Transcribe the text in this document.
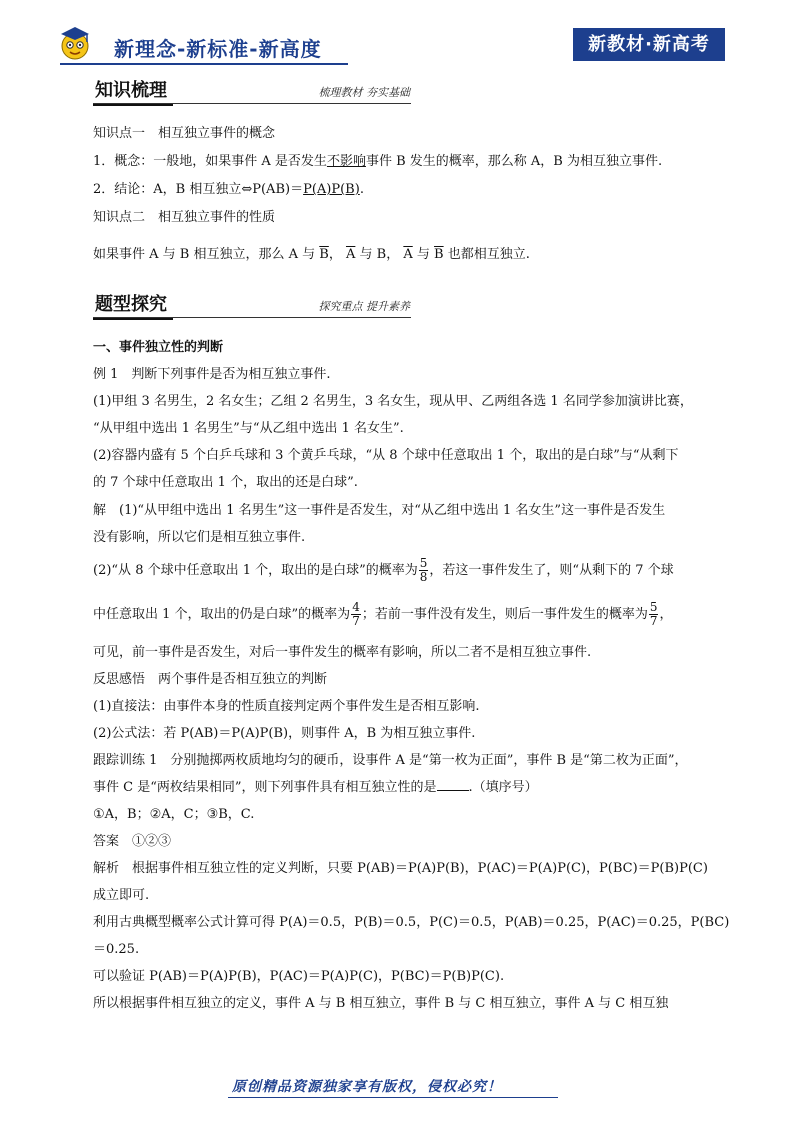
新理念-新标准-新高度	新教材·新高考
知识梳理	梳理教材 夯实基础
知识点一　相互独立事件的概念
1．概念：一般地，如果事件 A 是否发生不影响事件 B 发生的概率，那么称 A，B 为相互独立事件.
2．结论：A，B 相互独立⇔P(AB)＝P(A)P(B).
知识点二　相互独立事件的性质
如果事件 A 与 B 相互独立，那么 A 与 $\overline{B}$， $\overline{A}$ 与 B， $\overline{A}$ 与 $\overline{B}$ 也都相互独立.
题型探究	探究重点 提升素养
一、事件独立性的判断
例 1　判断下列事件是否为相互独立事件.
(1)甲组 3 名男生，2 名女生；乙组 2 名男生，3 名女生，现从甲、乙两组各选 1 名同学参加演讲比赛，
“从甲组中选出 1 名男生”与“从乙组中选出 1 名女生”.
(2)容器内盛有 5 个白乒乓球和 3 个黄乒乓球，“从 8 个球中任意取出 1 个，取出的是白球”与“从剩下
的 7 个球中任意取出 1 个，取出的还是白球”.
解　(1)“从甲组中选出 1 名男生”这一事件是否发生，对“从乙组中选出 1 名女生”这一事件是否发生
没有影响，所以它们是相互独立事件.
(2)“从 8 个球中任意取出 1 个，取出的是白球”的概率为 $\frac{5}{8}$ ，若这一事件发生了，则“从剩下的 7 个球
中任意取出 1 个，取出的仍是白球”的概率为 $\frac{4}{7}$ ；若前一事件没有发生，则后一事件发生的概率为 $\frac{5}{7}$ ，
可见，前一事件是否发生，对后一事件发生的概率有影响，所以二者不是相互独立事件.
反思感悟　两个事件是否相互独立的判断
(1)直接法：由事件本身的性质直接判定两个事件发生是否相互影响.
(2)公式法：若 P(AB)＝P(A)P(B)，则事件 A，B 为相互独立事件.
跟踪训练 1　分别抛掷两枚质地均匀的硬币，设事件 A 是“第一枚为正面”，事件 B 是“第二枚为正面”，
事件 C 是“两枚结果相同”，则下列事件具有相互独立性的是 .（填序号）
①A，B；②A，C；③B，C.
答案　①②③
解析　根据事件相互独立性的定义判断，只要 P(AB)＝P(A)P(B)，P(AC)＝P(A)P(C)，P(BC)＝P(B)P(C)
成立即可.
利用古典概型概率公式计算可得 P(A)＝0.5，P(B)＝0.5，P(C)＝0.5，P(AB)＝0.25，P(AC)＝0.25，P(BC)
＝0.25.
可以验证 P(AB)＝P(A)P(B)，P(AC)＝P(A)P(C)，P(BC)＝P(B)P(C).
所以根据事件相互独立的定义，事件 A 与 B 相互独立，事件 B 与 C 相互独立，事件 A 与 C 相互独
原创精品资源独家享有版权，侵权必究！
